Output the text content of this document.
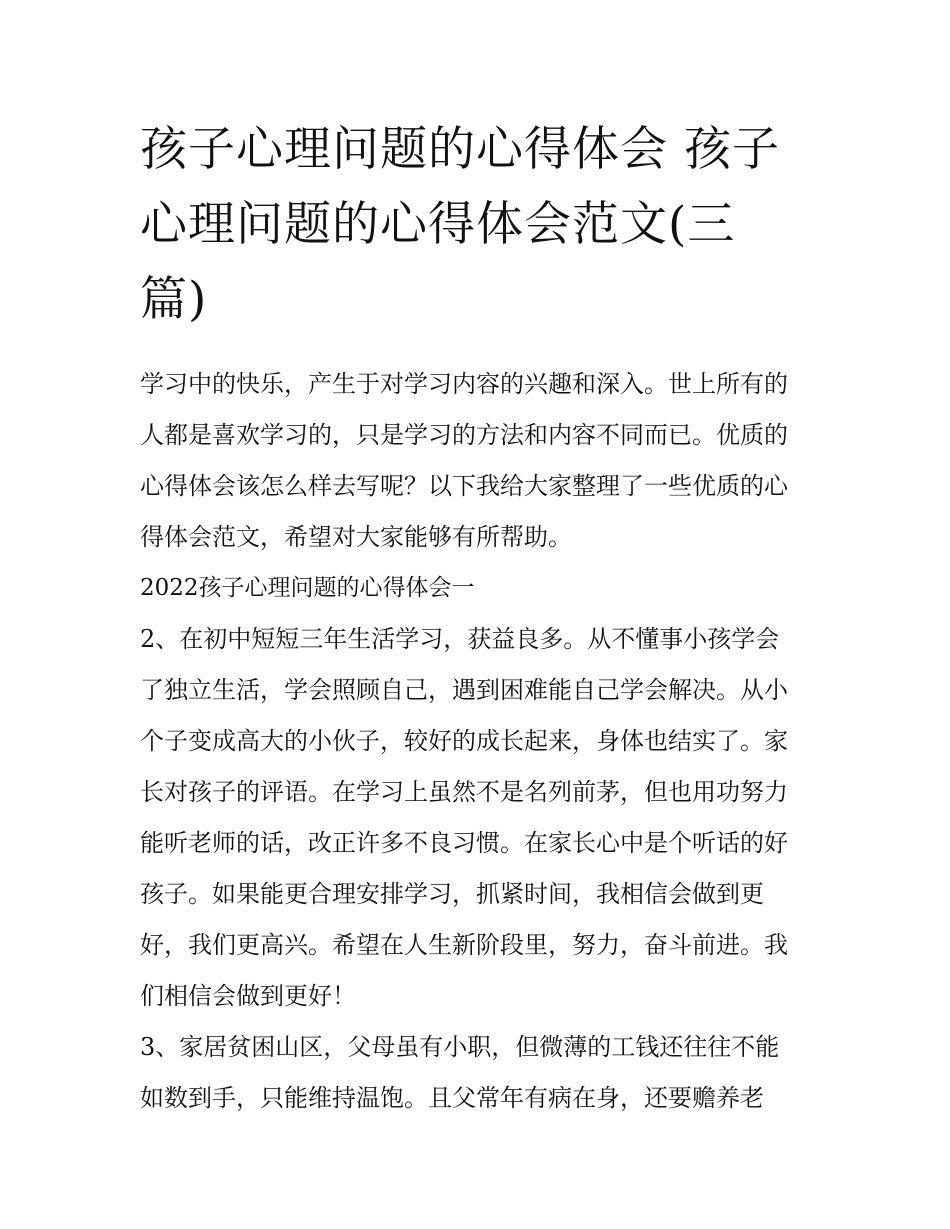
孩子心理问题的心得体会 孩子
心理问题的心得体会范文(三
篇)

学习中的快乐，产生于对学习内容的兴趣和深入。世上所有的
人都是喜欢学习的，只是学习的方法和内容不同而已。优质的
心得体会该怎么样去写呢？以下我给大家整理了一些优质的心
得体会范文，希望对大家能够有所帮助。

2022孩子心理问题的心得体会一

2、在初中短短三年生活学习，获益良多。从不懂事小孩学会
了独立生活，学会照顾自己，遇到困难能自己学会解决。从小
个子变成高大的小伙子，较好的成长起来，身体也结实了。家
长对孩子的评语。在学习上虽然不是名列前茅，但也用功努力
能听老师的话，改正许多不良习惯。在家长心中是个听话的好
孩子。如果能更合理安排学习，抓紧时间，我相信会做到更
好，我们更高兴。希望在人生新阶段里，努力，奋斗前进。我
们相信会做到更好！

3、家居贫困山区，父母虽有小职，但微薄的工钱还往往不能
如数到手，只能维持温饱。且父常年有病在身，还要赡养老
